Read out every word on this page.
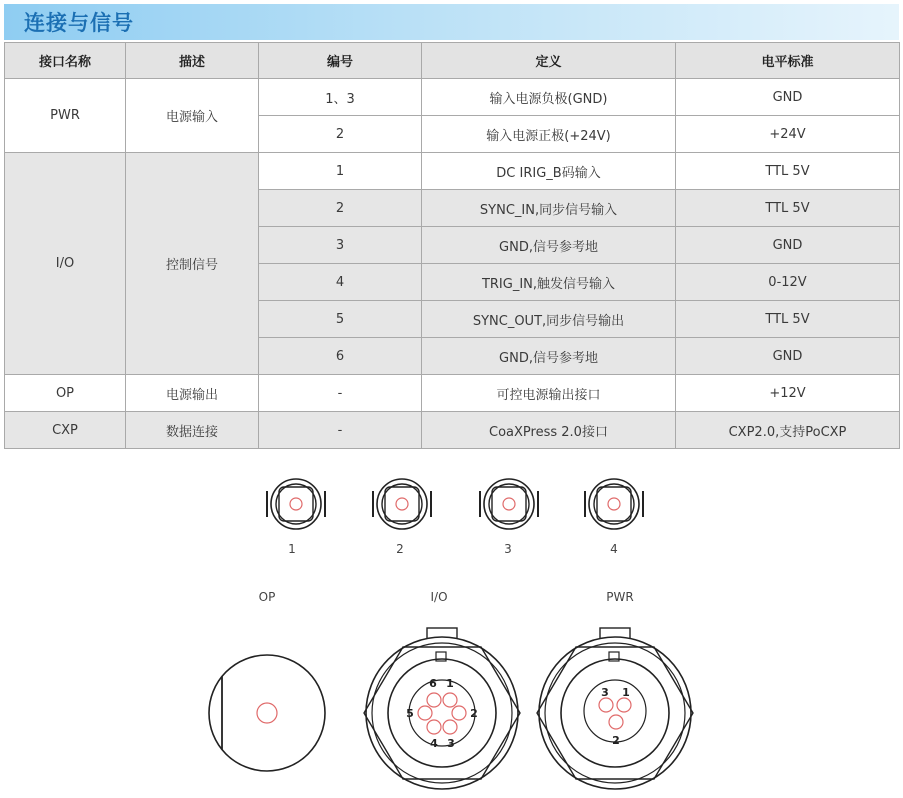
连接与信号
接口名称	描述	编号	定义	电平标准
PWR	电源输入	1、3	输入电源负极(GND)	GND
		2	输入电源正极(+24V)	+24V
I/O	控制信号	1	DC IRIG_B码输入	TTL 5V
		2	SYNC_IN,同步信号输入	TTL 5V
		3	GND,信号参考地	GND
		4	TRIG_IN,触发信号输入	0-12V
		5	SYNC_OUT,同步信号输出	TTL 5V
		6	GND,信号参考地	GND
OP	电源输出	-	可控电源输出接口	+12V
CXP	数据连接	-	CoaXPress 2.0接口	CXP2.0,支持PoCXP
1	2	3	4
OP	I/O	PWR
1
2
3
4
5
6
1
2
3
